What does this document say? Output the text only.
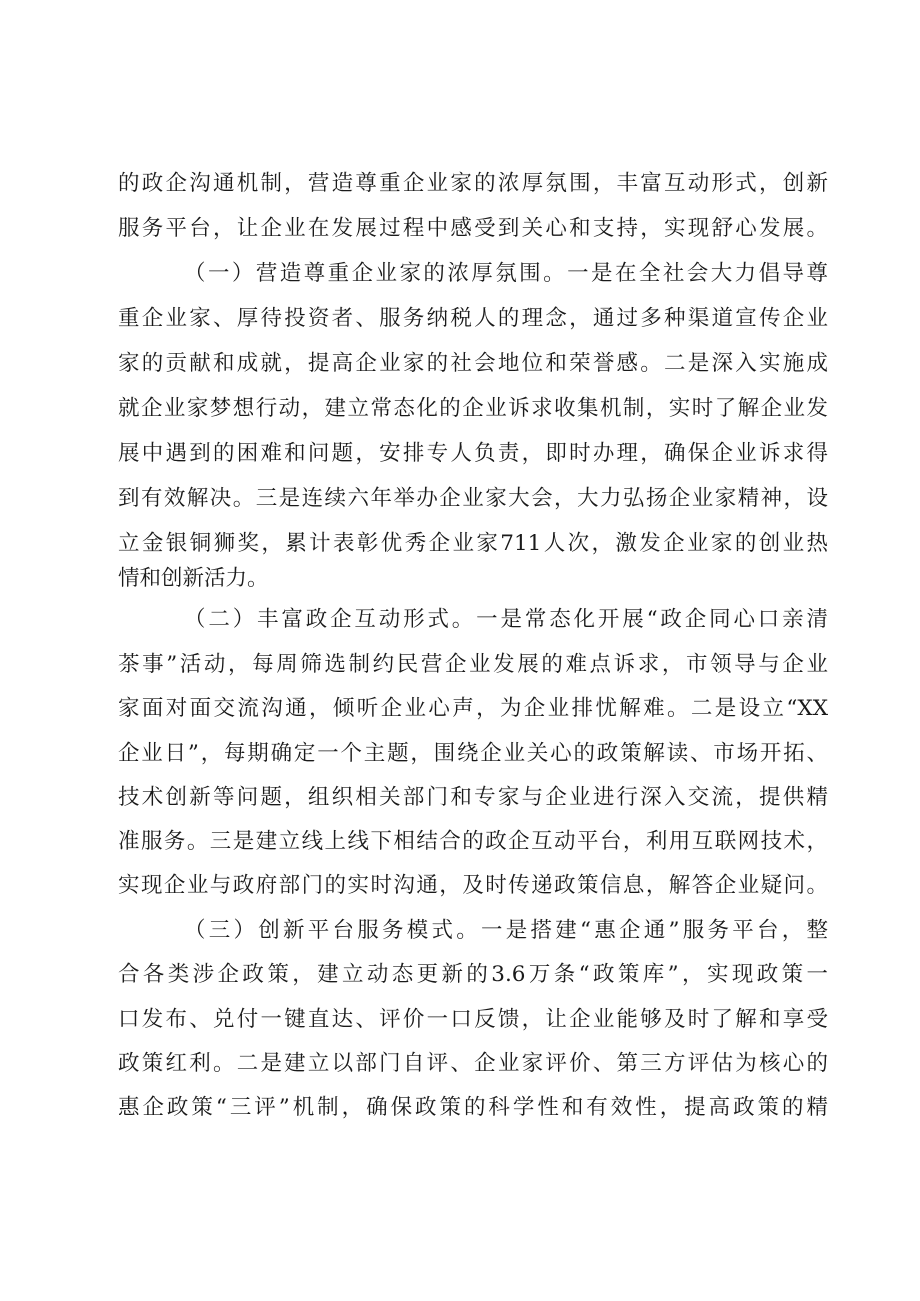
的政企沟通机制，营造尊重企业家的浓厚氛围，丰富互动形式，创新
服务平台，让企业在发展过程中感受到关心和支持，实现舒心发展。
（一）营造尊重企业家的浓厚氛围。一是在全社会大力倡导尊
重企业家、厚待投资者、服务纳税人的理念，通过多种渠道宣传企业
家的贡献和成就，提高企业家的社会地位和荣誉感。二是深入实施成
就企业家梦想行动，建立常态化的企业诉求收集机制，实时了解企业发
展中遇到的困难和问题，安排专人负责，即时办理，确保企业诉求得
到有效解决。三是连续六年举办企业家大会，大力弘扬企业家精神，设
立金银铜狮奖，累计表彰优秀企业家711人次，激发企业家的创业热
情和创新活力。
（二）丰富政企互动形式。一是常态化开展“政企同心口亲清
茶事”活动，每周筛选制约民营企业发展的难点诉求，市领导与企业
家面对面交流沟通，倾听企业心声，为企业排忧解难。二是设立“XX
企业日”，每期确定一个主题，围绕企业关心的政策解读、市场开拓、
技术创新等问题，组织相关部门和专家与企业进行深入交流，提供精
准服务。三是建立线上线下相结合的政企互动平台，利用互联网技术，
实现企业与政府部门的实时沟通，及时传递政策信息，解答企业疑问。
（三）创新平台服务模式。一是搭建“惠企通”服务平台，整
合各类涉企政策，建立动态更新的3.6万条“政策库”，实现政策一
口发布、兑付一键直达、评价一口反馈，让企业能够及时了解和享受
政策红利。二是建立以部门自评、企业家评价、第三方评估为核心的
惠企政策“三评”机制，确保政策的科学性和有效性，提高政策的精
